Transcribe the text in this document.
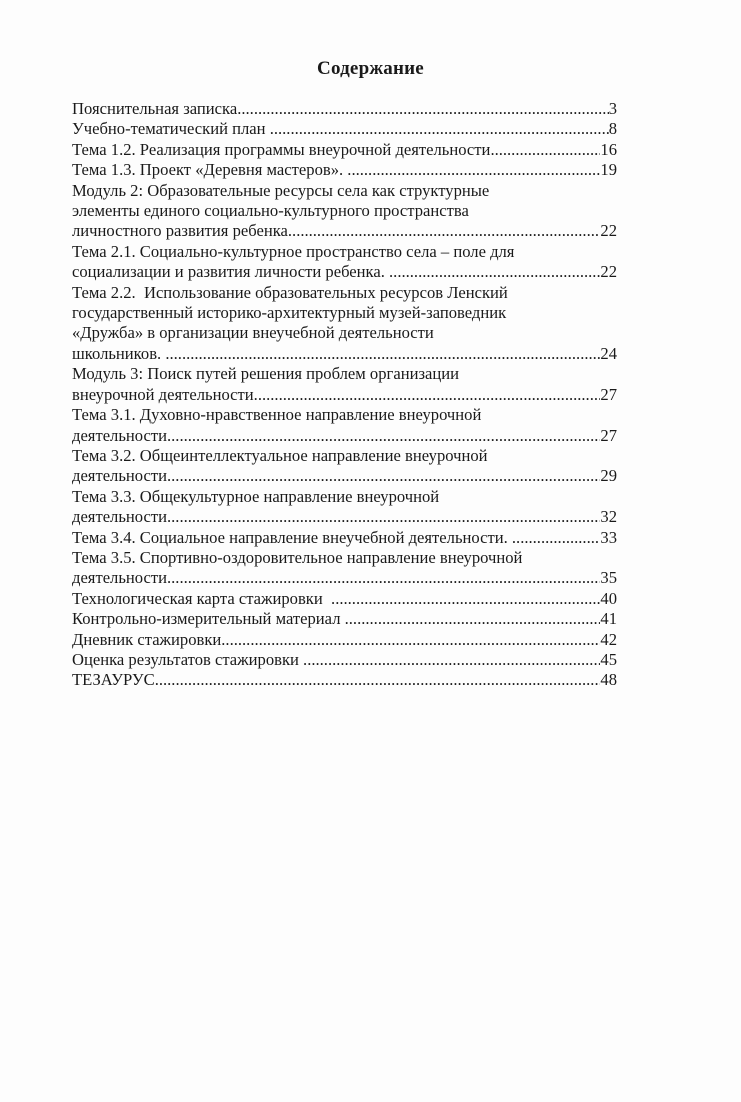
Содержание

Пояснительная записка .....	3

Учебно-тематический план .....	8

Тема 1.2. Реализация программы внеурочной деятельности .....	16

Тема 1.3. Проект «Деревня мастеров». .....	19

Модуль 2: Образовательные ресурсы села как структурные

элементы единого социально-культурного пространства

личностного развития ребенка .....	22

Тема 2.1. Социально-культурное пространство села – поле для

социализации и развития личности ребенка. .....	22

Тема 2.2.  Использование образовательных ресурсов Ленский

государственный историко-архитектурный музей-заповедник

«Дружба» в организации внеучебной деятельности

школьников. .....	24

Модуль 3: Поиск путей решения проблем организации

внеурочной деятельности. .....	27

Тема 3.1. Духовно-нравственное направление внеурочной

деятельности .....	27

Тема 3.2. Общеинтеллектуальное направление внеурочной

деятельности .....	29

Тема 3.3. Общекультурное направление внеурочной

деятельности .....	32

Тема 3.4. Социальное направление внеучебной деятельности. .....	33

Тема 3.5. Спортивно-оздоровительное направление внеурочной

деятельности .....	35

Технологическая карта стажировки .....	40

Контрольно-измерительный материал .....	41

Дневник стажировки .....	42

Оценка результатов стажировки .....	45

ТЕЗАУРУС .....	48
